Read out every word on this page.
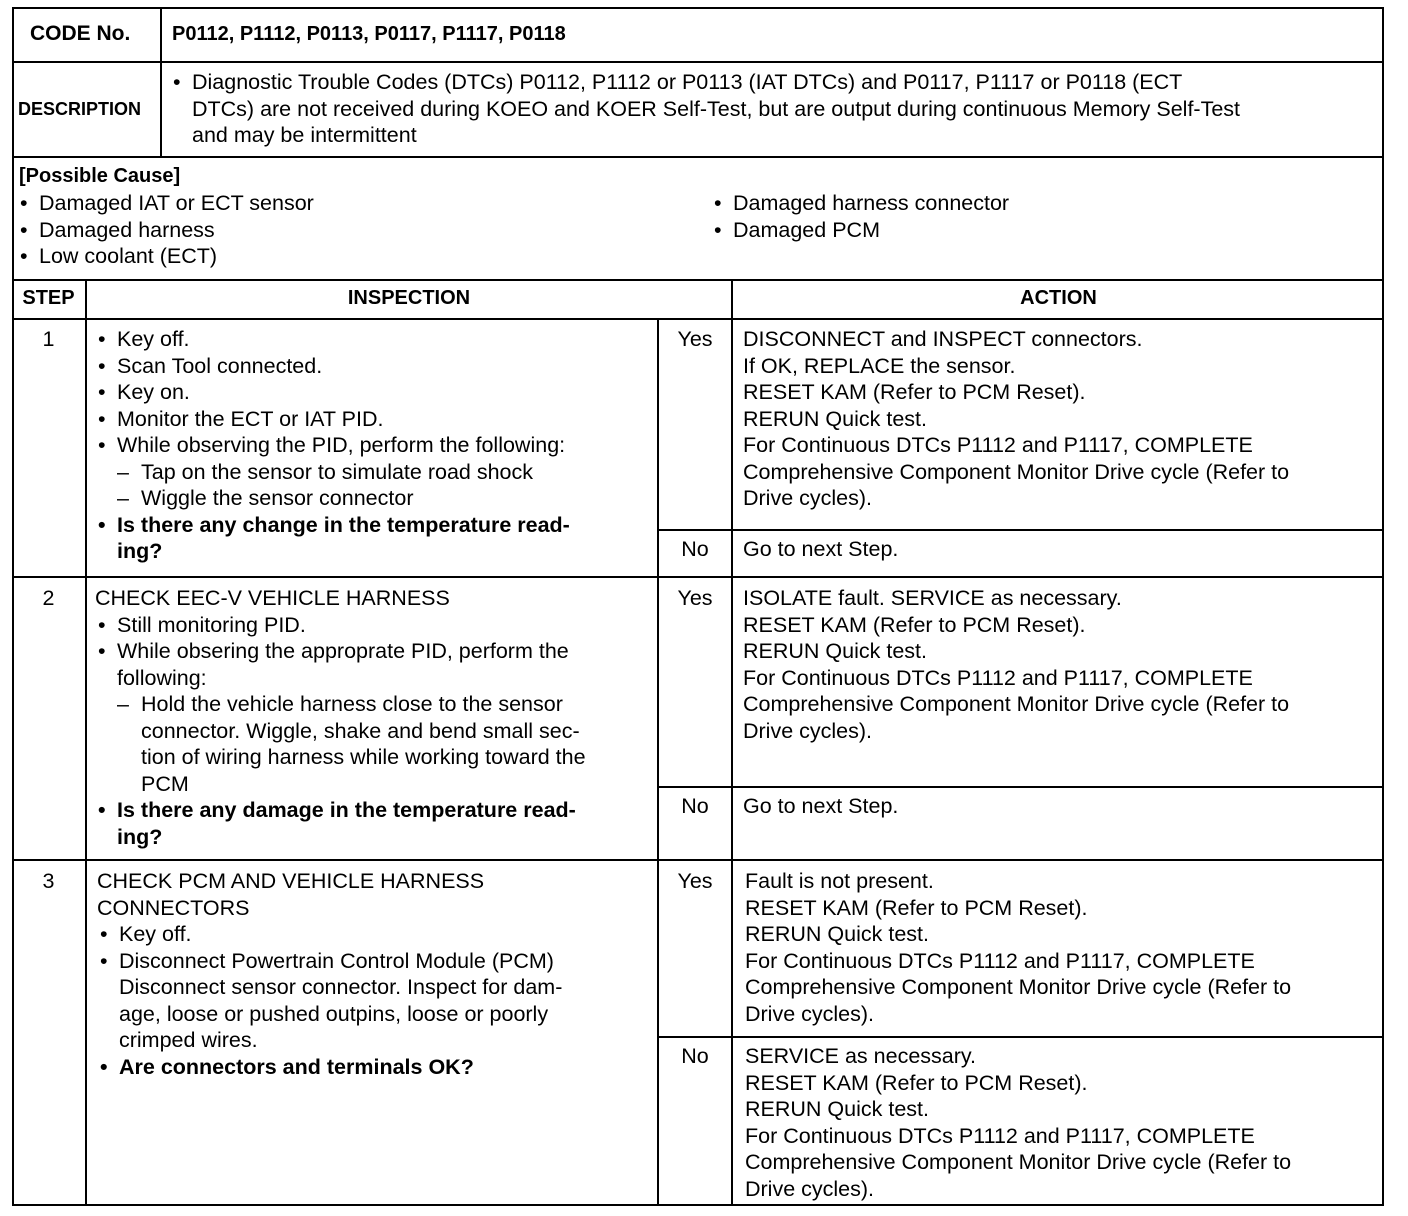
CODE No. P0112, P1112, P0113, P0117, P1117, P0118
DESCRIPTION
• Diagnostic Trouble Codes (DTCs) P0112, P1112 or P0113 (IAT DTCs) and P0117, P1117 or P0118 (ECT
DTCs) are not received during KOEO and KOER Self-Test, but are output during continuous Memory Self-Test
and may be intermittent
[Possible Cause]
• Damaged IAT or ECT sensor
• Damaged harness
• Low coolant (ECT)
• Damaged harness connector
• Damaged PCM
STEP	INSPECTION	ACTION
1
•	Key off.
• Scan Tool connected.
• Key on.
• Monitor the ECT or IAT PID.
• While observing the PID, perform the following:
– Tap on the sensor to simulate road shock
– Wiggle the sensor connector
• Is there any change in the temperature read-
ing?
Yes	DISCONNECT and INSPECT connectors.
If OK, REPLACE the sensor.
RESET KAM (Refer to PCM Reset).
RERUN Quick test.
For Continuous DTCs P1112 and P1117, COMPLETE
Comprehensive Component Monitor Drive cycle (Refer to
Drive cycles).
No	Go to next Step.
2	CHECK EEC-V VEHICLE HARNESS
• Still monitoring PID.
• While obsering the approprate PID, perform the
following:
– Hold the vehicle harness close to the sensor
connector. Wiggle, shake and bend small sec-
tion of wiring harness while working toward the
PCM
• Is there any damage in the temperature read-
ing?
Yes	ISOLATE fault. SERVICE as necessary.
RESET KAM (Refer to PCM Reset).
RERUN Quick test.
For Continuous DTCs P1112 and P1117, COMPLETE
Comprehensive Component Monitor Drive cycle (Refer to
Drive cycles).
No	Go to next Step.
3	CHECK PCM AND VEHICLE HARNESS
CONNECTORS
• Key off.
• Disconnect Powertrain Control Module (PCM)
Disconnect sensor connector. Inspect for dam-
age, loose or pushed outpins, loose or poorly
crimped wires.
• Are connectors and terminals OK?
Yes	Fault is not present.
RESET KAM (Refer to PCM Reset).
RERUN Quick test.
For Continuous DTCs P1112 and P1117, COMPLETE
Comprehensive Component Monitor Drive cycle (Refer to
Drive cycles).
No	SERVICE as necessary.
RESET KAM (Refer to PCM Reset).
RERUN Quick test.
For Continuous DTCs P1112 and P1117, COMPLETE
Comprehensive Component Monitor Drive cycle (Refer to
Drive cycles).
